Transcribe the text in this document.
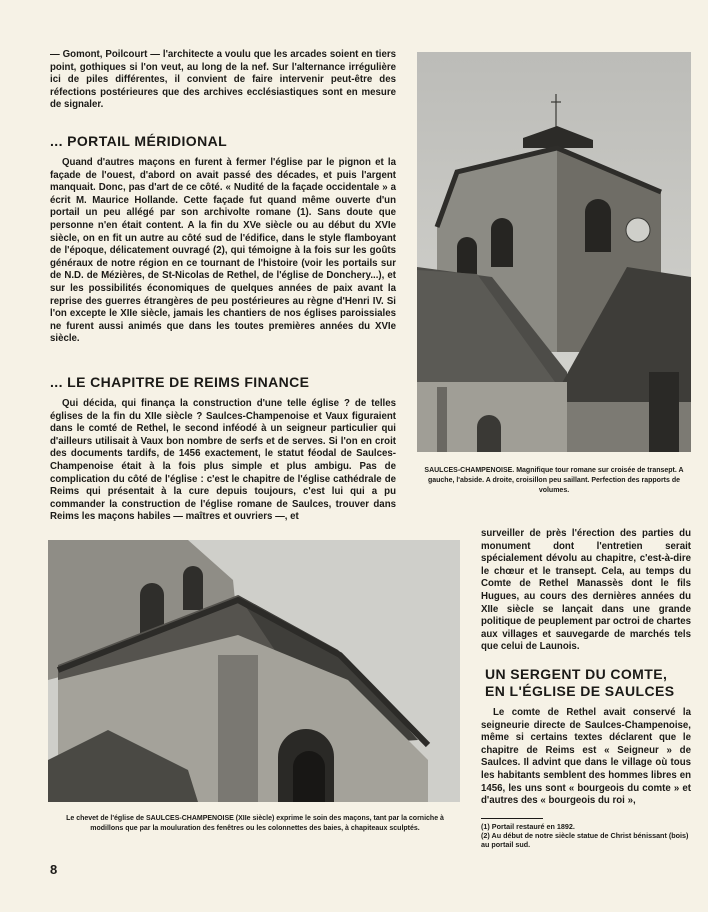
— Gomont, Poilcourt — l'architecte a voulu que les arcades soient en tiers point, gothiques si l'on veut, au long de la nef. Sur l'alternance irrégulière ici de piles différentes, il convient de faire intervenir peut-être des réfections postérieures que des archives ecclésiastiques sont en mesure de signaler.

... PORTAIL MÉRIDIONAL

Quand d'autres maçons en furent à fermer l'église par le pignon et la façade de l'ouest, d'abord on avait passé des décades, et puis l'argent manquait. Donc, pas d'art de ce côté. « Nudité de la façade occidentale » a écrit M. Maurice Hollande. Cette façade fut quand même ouverte d'un portail un peu allégé par son archivolte romane (1). Sans doute que personne n'en était content. A la fin du XVe siècle ou au début du XVIe siècle, on en fit un autre au côté sud de l'édifice, dans le style flamboyant de l'époque, délicatement ouvragé (2), qui témoigne à la fois sur les goûts généraux de notre région en ce tournant de l'histoire (voir les portails sur de N.D. de Mézières, de St-Nicolas de Rethel, de l'église de Donchery...), et sur les possibilités économiques de quelques années de paix avant la reprise des guerres étrangères de peu postérieures au règne d'Henri IV. Si l'on excepte le XIIe siècle, jamais les chantiers de nos églises paroissiales ne furent aussi animés que dans les toutes premières années du XVIe siècle.

... LE CHAPITRE DE REIMS FINANCE

Qui décida, qui finança la construction d'une telle église ? de telles églises de la fin du XIIe siècle ? Saulces-Champenoise et Vaux figuraient dans le comté de Rethel, le second inféodé à un seigneur particulier qui d'ailleurs utilisait à Vaux bon nombre de serfs et de serves. Si l'on en croit des documents tardifs, de 1456 exactement, le statut féodal de Saulces-Champenoise était à la fois plus simple et plus ambigu. Pas de complication du côté de l'église : c'est le chapitre de l'église cathédrale de Reims qui présentait à la cure depuis toujours, c'est lui qui a pu commander la construction de l'église romane de Saulces, trouver dans Reims les maçons habiles — maîtres et ouvriers —, et

SAULCES-CHAMPENOISE. Magnifique tour romane sur croisée de transept. A gauche, l'abside. A droite, croisillon peu saillant. Perfection des rapports de volumes.

Le chevet de l'église de SAULCES-CHAMPENOISE (XIIe siècle) exprime le soin des maçons, tant par la corniche à modillons que par la mouluration des fenêtres ou les colonnettes des baies, à chapiteaux sculptés.

surveiller de près l'érection des parties du monument dont l'entretien serait spécialement dévolu au chapitre, c'est-à-dire le chœur et le transept. Cela, au temps du Comte de Rethel Manassès dont le fils Hugues, au cours des dernières années du XIIe siècle se lançait dans une grande politique de peuplement par octroi de chartes aux villages et sauvegarde de marchés tels que celui de Launois.

UN SERGENT DU COMTE,
EN L'ÉGLISE DE SAULCES

Le comte de Rethel avait conservé la seigneurie directe de Saulces-Champenoise, même si certains textes déclarent que le chapitre de Reims est « Seigneur » de Saulces. Il advint que dans le village où tous les habitants semblent des hommes libres en 1456, les uns sont « bourgeois du comte » et d'autres des « bourgeois du roi »,

(1) Portail restauré en 1892.

(2) Au début de notre siècle statue de Christ bénissant (bois) au portail sud.

8
